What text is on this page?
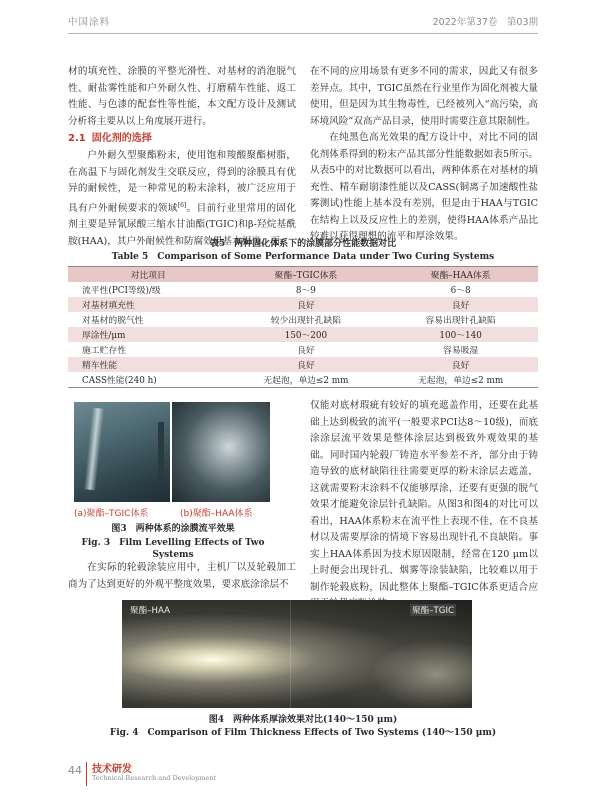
中国涂料	2022年第37卷　第03期

材的填充性、涂膜的平整光滑性、对基材的消泡脱气性、耐盐雾性能和户外耐久性、打磨精车性能、返工性能、与色漆的配套性等性能，本文配方设计及测试分析将主要从以上角度展开进行。

2.1 固化剂的选择

户外耐久型聚酯粉末，使用饱和羧酸聚酯树脂，在高温下与固化剂发生交联反应，得到的涂膜具有优异的耐候性，是一种常见的粉末涂料，被广泛应用于具有户外耐候要求的领域[6]。目前行业里常用的固化剂主要是异氰尿酸三缩水甘油酯(TGIC)和β-羟烷基酰胺(HAA)，其户外耐候性和防腐效果基本相当，而

在不同的应用场景有更多不同的需求，因此又有很多差异点。其中，TGIC虽然在行业里作为固化剂被大量使用，但是因为其生物毒性，已经被列入“高污染，高环境风险”双高产品目录，使用时需要注意其限制性。

在纯黑色高光效果的配方设计中，对比不同的固化剂体系得到的粉末产品其部分性能数据如表5所示。从表5中的对比数据可以看出，两种体系在对基材的填充性、精车耐崩漆性能以及CASS(铜离子加速酸性盐雾测试)性能上基本没有差别，但是由于HAA与TGIC在结构上以及反应性上的差别，使得HAA体系产品比较难以获得理想的流平和厚涂效果。

表5　两种固化体系下的涂膜部分性能数据对比
Table 5　Comparison of Some Performance Data under Two Curing Systems
对比项目	聚酯–TGIC体系	聚酯–HAA体系
流平性(PCI等级)/级	8～9	6～8
对基材填充性	良好	良好
对基材的脱气性	较少出现针孔缺陷	容易出现针孔缺陷
厚涂性/μm	150～200	100～140
施工贮存性	良好	容易吸湿
精车性能	良好	良好
CASS性能(240 h)	无起泡，单边≤2 mm	无起泡，单边≤2 mm
(a)聚酯–TGIC体系	(b)聚酯–HAA体系
图3　两种体系的涂膜流平效果
Fig. 3　Film Levelling Effects of Two Systems

在实际的轮毂涂装应用中，主机厂以及轮毂加工商为了达到更好的外观平整度效果，要求底涂涂层不

仅能对底材瑕疵有较好的填充遮盖作用，还要在此基础上达到极致的流平(一般要求PCI达8～10级)，而底涂涂层流平效果是整体涂层达到极致外观效果的基础。同时国内轮毂厂铸造水平参差不齐，部分由于铸造导致的底材缺陷往往需要更厚的粉末涂层去遮盖，这就需要粉末涂料不仅能够厚涂，还要有更强的脱气效果才能避免涂层针孔缺陷。从图3和图4的对比可以看出，HAA体系粉末在流平性上表现不佳，在不良基材以及需要厚涂的情境下容易出现针孔不良缺陷。事实上HAA体系因为技术原因限制，经常在120 μm以上时便会出现针孔、烟雾等涂装缺陷，比较难以用于制作轮毂底粉，因此整体上聚酯–TGIC体系更适合应

聚酯–HAA	聚酯–TGIC
图4　两种体系厚涂效果对比(140～150 μm)
Fig. 4　Comparison of Film Thickness Effects of Two Systems (140～150 μm)
44 技术研发
Technical Research and Development
